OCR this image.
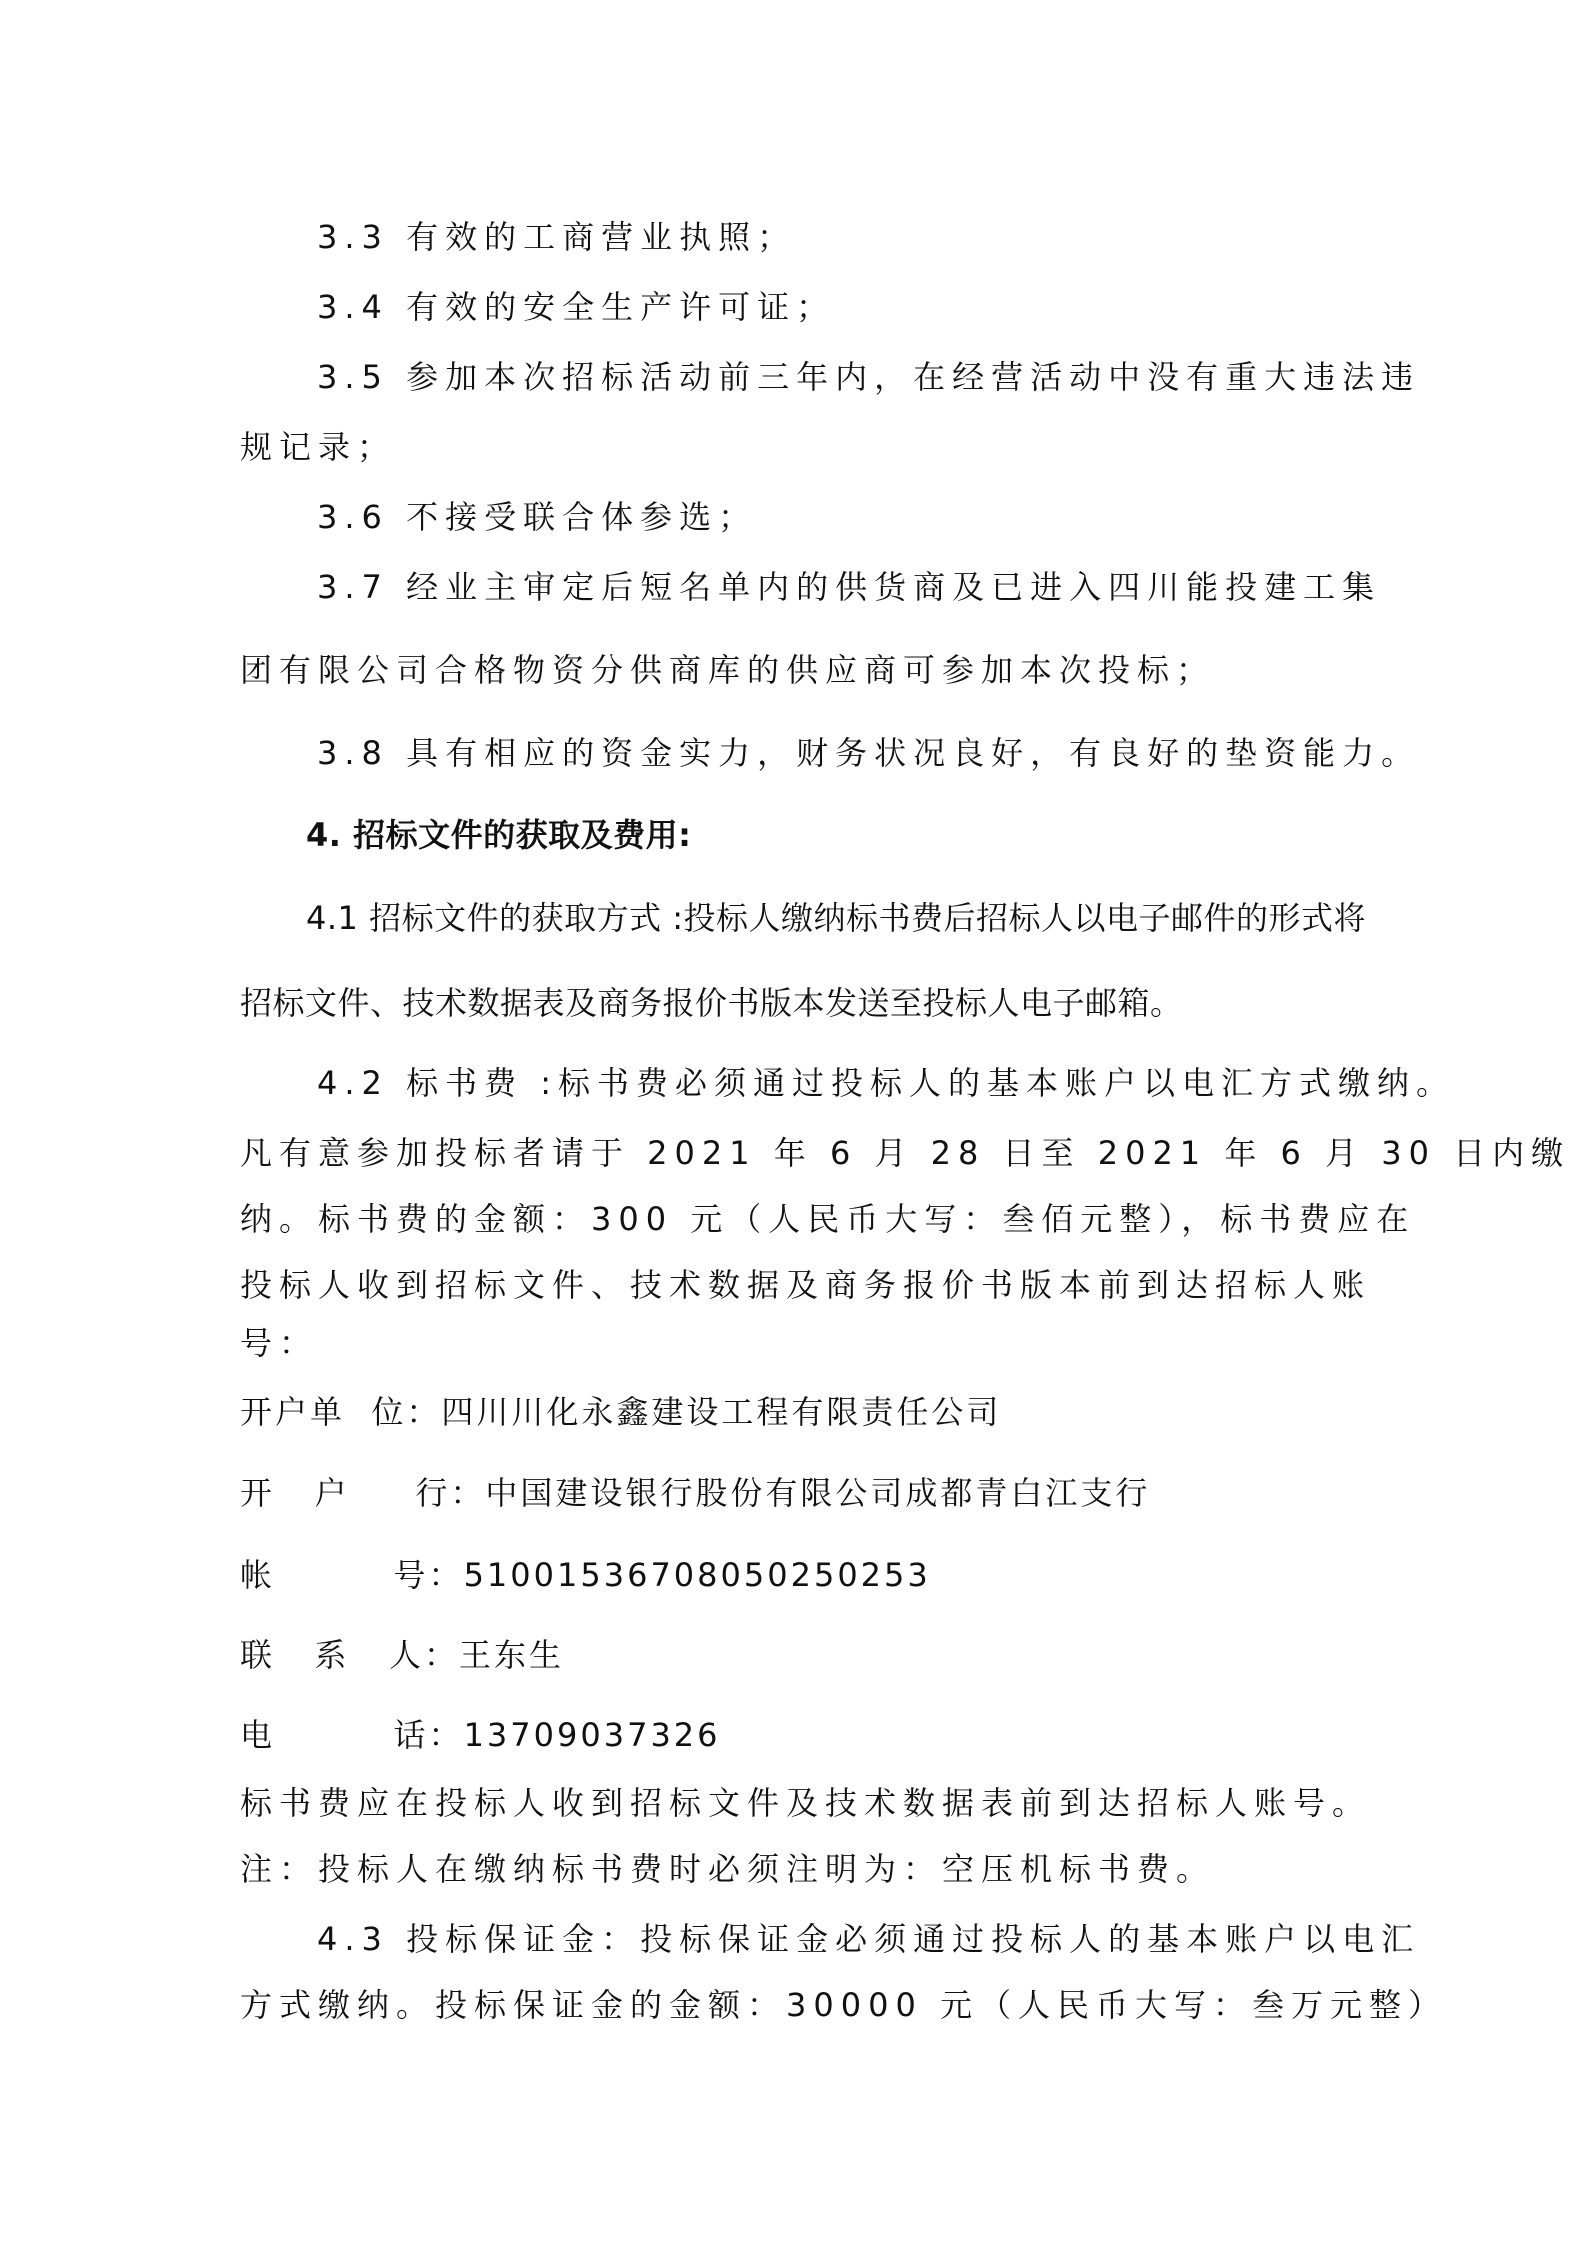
3.3 有效的工商营业执照；
3.4 有效的安全生产许可证；
3.5 参加本次招标活动前三年内，在经营活动中没有重大违法违
规记录；
3.6 不接受联合体参选；
3.7 经业主审定后短名单内的供货商及已进入四川能投建工集
团有限公司合格物资分供商库的供应商可参加本次投标；
3.8 具有相应的资金实力，财务状况良好，有良好的垫资能力。
4. 招标文件的获取及费用:
4.1 招标文件的获取方式 :投标人缴纳标书费后招标人以电子邮件的形式将
招标文件、技术数据表及商务报价书版本发送至投标人电子邮箱。
4.2 标书费 :标书费必须通过投标人的基本账户以电汇方式缴纳。
凡有意参加投标者请于 2021 年 6 月 28 日至 2021 年 6 月 30 日内缴
纳。标书费的金额：300 元（人民币大写：叁佰元整），标书费应在
投标人收到招标文件、技术数据及商务报价书版本前到达招标人账
号：
开户单  位：四川川化永鑫建设工程有限责任公司
开   户     行：中国建设银行股份有限公司成都青白江支行
帐         号：51001536708050250253
联   系   人：王东生
电         话：13709037326
标书费应在投标人收到招标文件及技术数据表前到达招标人账号。
注：投标人在缴纳标书费时必须注明为：空压机标书费。
4.3 投标保证金：投标保证金必须通过投标人的基本账户以电汇
方式缴纳。投标保证金的金额：30000 元（人民币大写：叁万元整）
